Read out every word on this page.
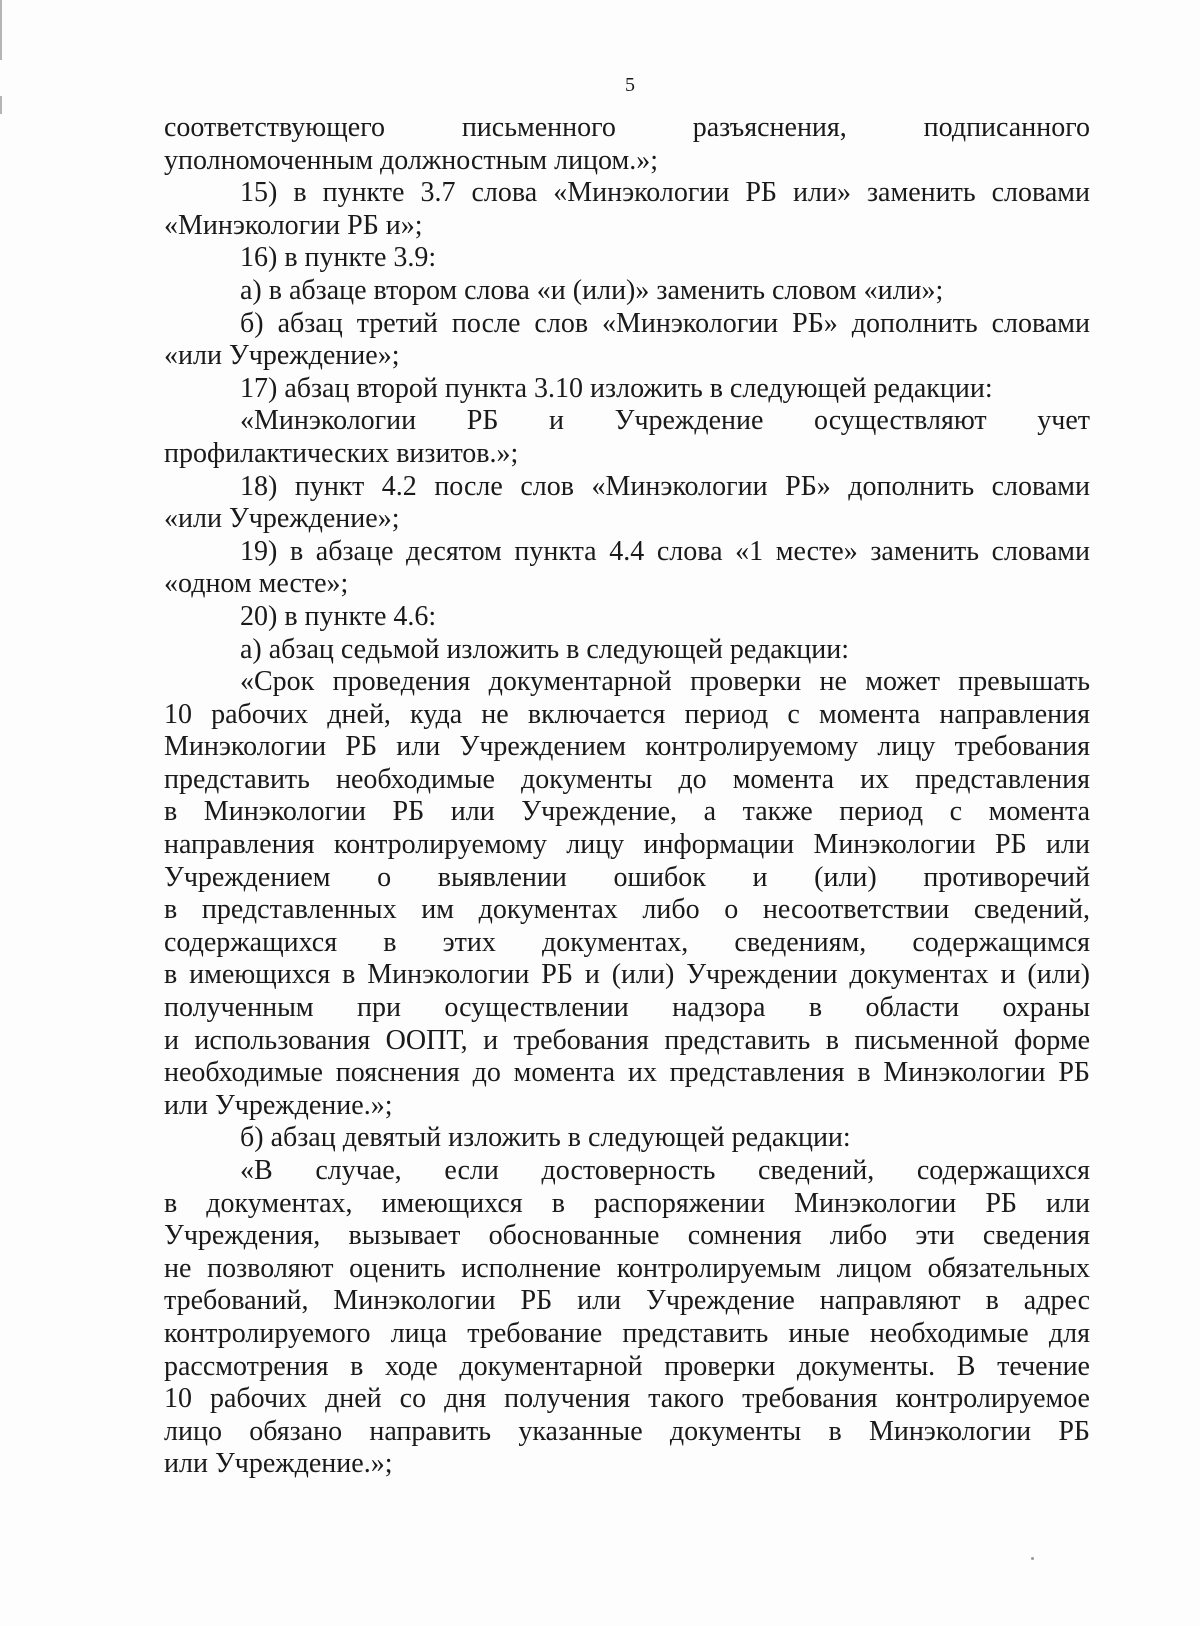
5
соответствующего письменного разъяснения, подписанного
уполномоченным должностным лицом.»;
15) в пункте 3.7 слова «Минэкологии РБ или» заменить словами
«Минэкологии РБ и»;
16) в пункте 3.9:
а) в абзаце втором слова «и (или)» заменить словом «или»;
б) абзац третий после слов «Минэкологии РБ» дополнить словами
«или Учреждение»;
17) абзац второй пункта 3.10 изложить в следующей редакции:
«Минэкологии РБ и Учреждение осуществляют учет
профилактических визитов.»;
18) пункт 4.2 после слов «Минэкологии РБ» дополнить словами
«или Учреждение»;
19) в абзаце десятом пункта 4.4 слова «1 месте» заменить словами
«одном месте»;
20) в пункте 4.6:
а) абзац седьмой изложить в следующей редакции:
«Срок проведения документарной проверки не может превышать
10 рабочих дней, куда не включается период с момента направления
Минэкологии РБ или Учреждением контролируемому лицу требования
представить необходимые документы до момента их представления
в Минэкологии РБ или Учреждение, а также период с момента
направления контролируемому лицу информации Минэкологии РБ или
Учреждением о выявлении ошибок и (или) противоречий
в представленных им документах либо о несоответствии сведений,
содержащихся в этих документах, сведениям, содержащимся
в имеющихся в Минэкологии РБ и (или) Учреждении документах и (или)
полученным при осуществлении надзора в области охраны
и использования ООПТ, и требования представить в письменной форме
необходимые пояснения до момента их представления в Минэкологии РБ
или Учреждение.»;
б) абзац девятый изложить в следующей редакции:
«В случае, если достоверность сведений, содержащихся
в документах, имеющихся в распоряжении Минэкологии РБ или
Учреждения, вызывает обоснованные сомнения либо эти сведения
не позволяют оценить исполнение контролируемым лицом обязательных
требований, Минэкологии РБ или Учреждение направляют в адрес
контролируемого лица требование представить иные необходимые для
рассмотрения в ходе документарной проверки документы. В течение
10 рабочих дней со дня получения такого требования контролируемое
лицо обязано направить указанные документы в Минэкологии РБ
или Учреждение.»;
